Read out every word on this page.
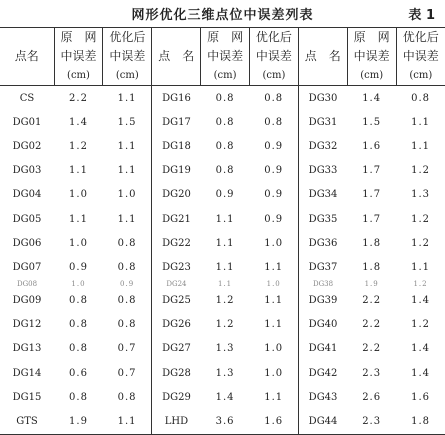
网形优化三维点位中误差列表	表 1
点名	原　网	优化后	点　名	原　网	优化后	点　名	原　网	优化后
	中误差	中误差		中误差	中误差		中误差	中误差
	(cm)	(cm)		(cm)	(cm)		(cm)	(cm)
CS	2.2	1.1	DG16	0.8	0.8	DG30	1.4	0.8
DG01	1.4	1.5	DG17	0.8	0.8	DG31	1.5	1.1
DG02	1.2	1.1	DG18	0.8	0.9	DG32	1.6	1.1
DG03	1.1	1.1	DG19	0.8	0.9	DG33	1.7	1.2
DG04	1.0	1.0	DG20	0.9	0.9	DG34	1.7	1.3
DG05	1.1	1.1	DG21	1.1	0.9	DG35	1.7	1.2
DG06	1.0	0.8	DG22	1.1	1.0	DG36	1.8	1.2
DG07	0.9	0.8	DG23	1.1	1.1	DG37	1.8	1.1
DG08	1.0	0.9	DG24	1.1	1.0	DG38	1.9	1.2
DG09	0.8	0.8	DG25	1.2	1.1	DG39	2.2	1.4
DG12	0.8	0.8	DG26	1.2	1.1	DG40	2.2	1.2
DG13	0.8	0.7	DG27	1.3	1.0	DG41	2.2	1.4
DG14	0.6	0.7	DG28	1.3	1.0	DG42	2.3	1.4
DG15	0.8	0.8	DG29	1.4	1.1	DG43	2.6	1.6
GTS	1.9	1.1	LHD	3.6	1.6	DG44	2.3	1.8
